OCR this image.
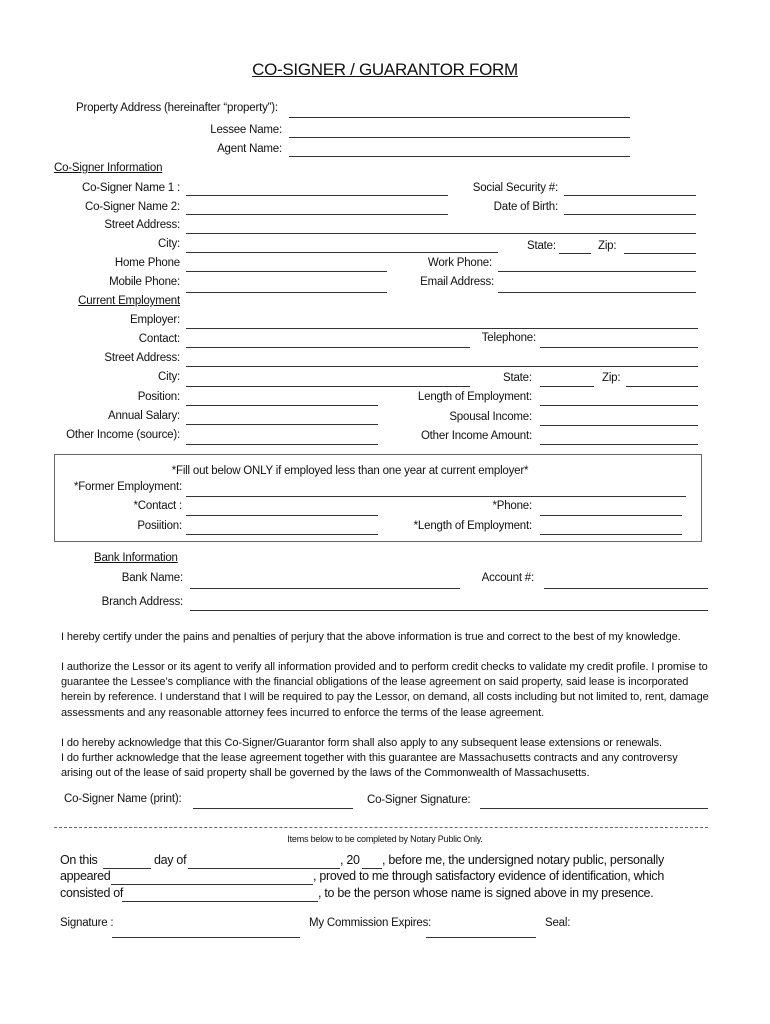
CO-SIGNER / GUARANTOR FORM
Property Address (hereinafter “property”):
Lessee Name:
Agent Name:
Co-Signer Information
Co-Signer Name 1 :	Social Security #:
Co-Signer Name 2:	Date of Birth:
Street Address:
City:	State:	Zip:
Home Phone	Work Phone:
Mobile Phone:	Email Address:
Current Employment
Employer:
Contact:	Telephone:
Street Address:
City:	State:	Zip:
Position:	Length of Employment:
Annual Salary:	Spousal Income:
Other Income (source):	Other Income Amount:
*Fill out below ONLY if employed less than one year at current employer*
*Former Employment:
*Contact :	*Phone:
Posiition:	*Length of Employment:
Bank Information
Bank Name:	Account #:
Branch Address:
I hereby certify under the pains and penalties of perjury that the above information is true and correct to the best of my knowledge.
I authorize the Lessor or its agent to verify all information provided and to perform credit checks to validate my credit profile. I promise to guarantee the Lessee’s compliance with the financial obligations of the lease agreement on said property, said lease is incorporated herein by reference. I understand that I will be required to pay the Lessor, on demand, all costs including but not limited to, rent, damage assessments and any reasonable attorney fees incurred to enforce the terms of the lease agreement.
I do hereby acknowledge that this Co-Signer/Guarantor form shall also apply to any subsequent lease extensions or renewals.
I do further acknowledge that the lease agreement together with this guarantee are Massachusetts contracts and any controversy arising out of the lease of said property shall be governed by the laws of the Commonwealth of Massachusetts.
Co-Signer Name (print):	Co-Signer Signature:
Items below to be completed by Notary Public Only.
On this	day of	, 20 , before me, the undersigned notary public, personally
appeared	, proved to me through satisfactory evidence of identification, which
consisted of	, to be the person whose name is signed above in my presence.
Signature :	My Commission Expires:	Seal:
